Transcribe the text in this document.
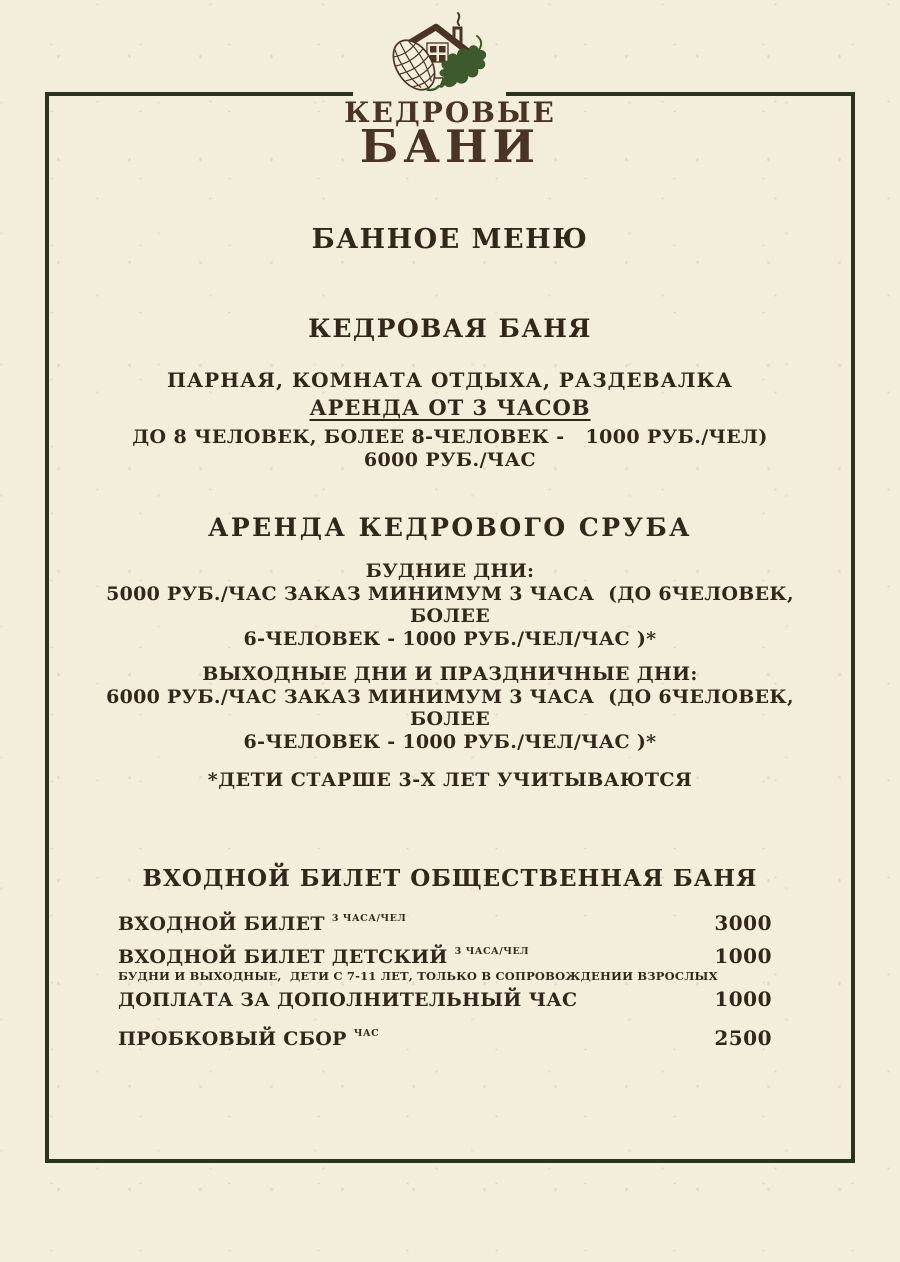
КЕДРОВЫЕ
БАНИ
БАННОЕ МЕНЮ
КЕДРОВАЯ БАНЯ
ПАРНАЯ, КОМНАТА ОТДЫХА, РАЗДЕВАЛКА
АРЕНДА ОТ 3 ЧАСОВ
ДО 8 ЧЕЛОВЕК, БОЛЕЕ 8-ЧЕЛОВЕК -   1000 РУБ./ЧЕЛ)
6000 РУБ./ЧАС
АРЕНДА КЕДРОВОГО СРУБА
БУДНИЕ ДНИ:
5000 РУБ./ЧАС ЗАКАЗ МИНИМУМ 3 ЧАСА  (ДО 6ЧЕЛОВЕК,
БОЛЕЕ
6-ЧЕЛОВЕК - 1000 РУБ./ЧЕЛ/ЧАС )*
ВЫХОДНЫЕ ДНИ И ПРАЗДНИЧНЫЕ ДНИ:
6000 РУБ./ЧАС ЗАКАЗ МИНИМУМ 3 ЧАСА  (ДО 6ЧЕЛОВЕК,
БОЛЕЕ
6-ЧЕЛОВЕК - 1000 РУБ./ЧЕЛ/ЧАС )*
*ДЕТИ СТАРШЕ 3-Х ЛЕТ УЧИТЫВАЮТСЯ
ВХОДНОЙ БИЛЕТ ОБЩЕСТВЕННАЯ БАНЯ
ВХОДНОЙ БИЛЕТ $^{3 ЧАСА/ЧЕЛ}$	3000
ВХОДНОЙ БИЛЕТ ДЕТСКИЙ $^{3 ЧАСА/ЧЕЛ}$	1000
БУДНИ И ВЫХОДНЫЕ,  ДЕТИ С 7-11 ЛЕТ, ТОЛЬКО В СОПРОВОЖДЕНИИ ВЗРОСЛЫХ
ДОПЛАТА ЗА ДОПОЛНИТЕЛЬНЫЙ ЧАС	1000
ПРОБКОВЫЙ СБОР $^{ЧАС}$	2500
